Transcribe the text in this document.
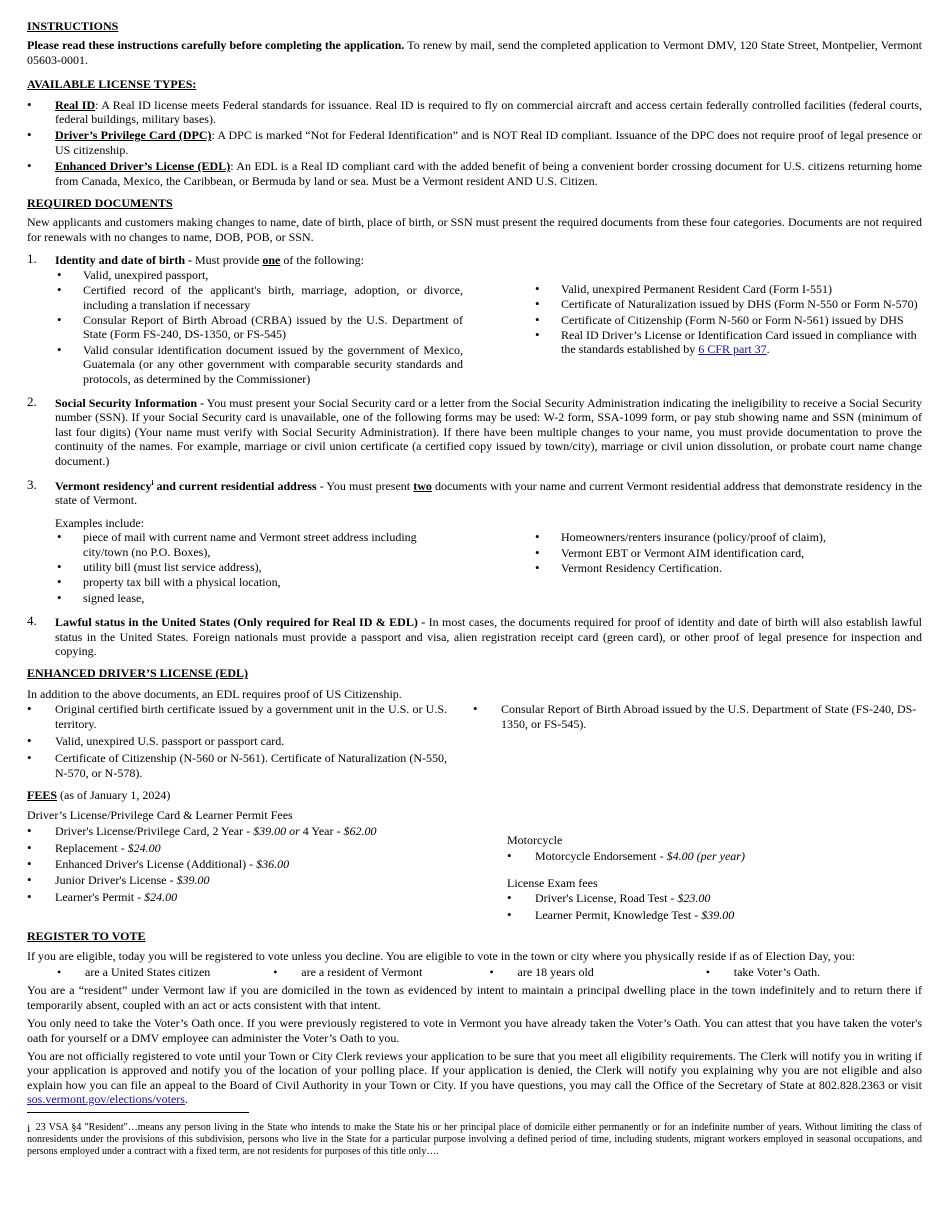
INSTRUCTIONS

Please read these instructions carefully before completing the application. To renew by mail, send the completed application to Vermont DMV, 120 State Street, Montpelier, Vermont 05603-0001.

AVAILABLE LICENSE TYPES:

• Real ID: A Real ID license meets Federal standards for issuance. Real ID is required to fly on commercial aircraft and access certain federally controlled facilities (federal courts, federal buildings, military bases).
• Driver’s Privilege Card (DPC): A DPC is marked “Not for Federal Identification” and is NOT Real ID compliant. Issuance of the DPC does not require proof of legal presence or US citizenship.
• Enhanced Driver’s License (EDL): An EDL is a Real ID compliant card with the added benefit of being a convenient border crossing document for U.S. citizens returning home from Canada, Mexico, the Caribbean, or Bermuda by land or sea. Must be a Vermont resident AND U.S. Citizen.

REQUIRED DOCUMENTS

New applicants and customers making changes to name, date of birth, place of birth, or SSN must present the required documents from these four categories. Documents are not required for renewals with no changes to name, DOB, POB, or SSN.

1. Identity and date of birth - Must provide one of the following:

• Valid, unexpired passport,
• Certified record of the applicant's birth, marriage, adoption, or divorce, including a translation if necessary
• Consular Report of Birth Abroad (CRBA) issued by the U.S. Department of State (Form FS-240, DS-1350, or FS-545)
• Valid consular identification document issued by the government of Mexico, Guatemala (or any other government with comparable security standards and protocols, as determined by the Commissioner)
• Valid, unexpired Permanent Resident Card (Form I-551)
• Certificate of Naturalization issued by DHS (Form N-550 or Form N-570)
• Certificate of Citizenship (Form N-560 or Form N-561) issued by DHS
• Real ID Driver’s License or Identification Card issued in compliance with the standards established by 6 CFR part 37.
2. Social Security Information - You must present your Social Security card or a letter from the Social Security Administration indicating the ineligibility to receive a Social Security number (SSN). If your Social Security card is unavailable, one of the following forms may be used: W-2 form, SSA-1099 form, or pay stub showing name and SSN (minimum of last four digits) (Your name must verify with Social Security Administration). If there have been multiple changes to your name, you must provide documentation to prove the continuity of the names. For example, marriage or civil union certificate (a certified copy issued by town/city), marriage or civil union dissolution, or probate court name change document.)

3. Vermont residency$^i$ and current residential address - You must present two documents with your name and current Vermont residential address that demonstrate residency in the state of Vermont.

Examples include:

• piece of mail with current name and Vermont street address including city/town (no P.O. Boxes),
• utility bill (must list service address),
• property tax bill with a physical location,
• signed lease,
• Homeowners/renters insurance (policy/proof of claim),
• Vermont EBT or Vermont AIM identification card,
• Vermont Residency Certification.
4. Lawful status in the United States (Only required for Real ID & EDL) - In most cases, the documents required for proof of identity and date of birth will also establish lawful status in the United States. Foreign nationals must provide a passport and visa, alien registration receipt card (green card), or other proof of legal presence for inspection and copying.

ENHANCED DRIVER’S LICENSE (EDL)

In addition to the above documents, an EDL requires proof of US Citizenship.

• Original certified birth certificate issued by a government unit in the U.S. or U.S. territory.
• Valid, unexpired U.S. passport or passport card.
• Certificate of Citizenship (N-560 or N-561). Certificate of Naturalization (N-550, N-570, or N-578).
• Consular Report of Birth Abroad issued by the U.S. Department of State (FS-240, DS-1350, or FS-545).

FEES (as of January 1, 2024)

Driver’s License/Privilege Card & Learner Permit Fees

• Driver's License/Privilege Card, 2 Year - $39.00 or 4 Year - $62.00
• Replacement - $24.00
• Enhanced Driver's License (Additional) - $36.00
• Junior Driver's License - $39.00
• Learner's Permit - $24.00

Motorcycle

• Motorcycle Endorsement - $4.00 (per year)

License Exam fees

• Driver's License, Road Test - $23.00
• Learner Permit, Knowledge Test - $39.00

REGISTER TO VOTE

If you are eligible, today you will be registered to vote unless you decline. You are eligible to vote in the town or city where you physically reside if as of Election Day, you:

• are a United States citizen	• are a resident of Vermont	• are 18 years old	• take Voter’s Oath.

You are a “resident” under Vermont law if you are domiciled in the town as evidenced by intent to maintain a principal dwelling place in the town indefinitely and to return there if temporarily absent, coupled with an act or acts consistent with that intent.

You only need to take the Voter’s Oath once. If you were previously registered to vote in Vermont you have already taken the Voter’s Oath. You can attest that you have taken the voter's oath for yourself or a DMV employee can administer the Voter’s Oath to you.

You are not officially registered to vote until your Town or City Clerk reviews your application to be sure that you meet all eligibility requirements. The Clerk will notify you in writing if your application is approved and notify you of the location of your polling place. If your application is denied, the Clerk will notify you explaining why you are not eligible and also explain how you can file an appeal to the Board of Civil Authority in your Town or City. If you have questions, you may call the Office of the Secretary of State at 802.828.2363 or visit sos.vermont.gov/elections/voters.

i 23 VSA §4 "Resident"…means any person living in the State who intends to make the State his or her principal place of domicile either permanently or for an indefinite number of years. Without limiting the class of nonresidents under the provisions of this subdivision, persons who live in the State for a particular purpose involving a defined period of time, including students, migrant workers employed in seasonal occupations, and persons employed under a contract with a fixed term, are not residents for purposes of this title only….
